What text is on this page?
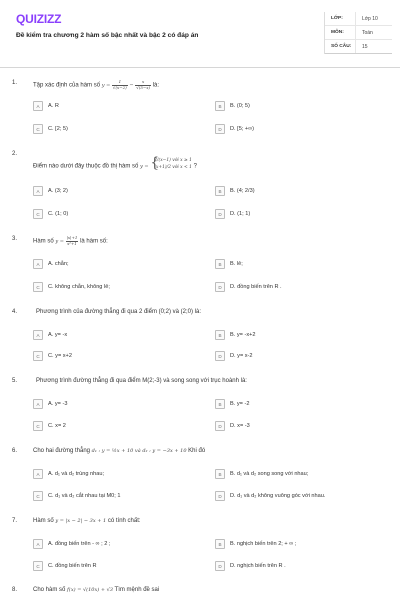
QUIZIZZ
Đề kiểm tra chương 2 hàm số bậc nhất và bậc 2 có đáp án
LỚP:	Lớp 10
MÔN:	Toán
SỐ CÂU:	15
1.	Tập xác định của hàm số $y = \frac{1}{√(x-2)} - \frac{x}{√(5-x)}$ là:
A	A. R	B	B. (0; 5)
C	C. [2; 5)	D	D. [5; +∞)
2.
Điểm nào dưới đây thuộc đồ thị hàm số y = {
2/(x−1) với x ≥ 1
(x+1)/2 với x < 1 ?
A	A. (3; 2)	B	B. (4; 2/3)
C	C. (1; 0)	D	D. (1; 1)
3.	Hàm số $y = \frac{|x|+1}{\text{x²+1}}$ là hàm số:
A	A. chẵn;	B	B. lẻ;
C	C. không chẵn, không lẻ;	D	D. đồng biến trên R .
4.	Phương trình của đường thẳng đi qua 2 điểm (0;2) và (2;0) là:
A	A. y= -x	B	B. y= -x+2
C	C. y= x+2	D	D. y= x-2
5.	Phương trình đường thẳng đi qua điểm M(2;-3) và song song với trục hoành là:
A	A. y= -3	B	B. y= -2
C	C. x= 2	D	D. x= -3
6.	Cho hai đường thẳng d₁ : y = ½x + 10 và d₂ : y = −3x + 10 Khi đó
A	A. d₁ và d₂ trùng nhau;	B	B. d₁ và d₂ song song với nhau;
C	C. d₁ và d₂ cắt nhau tại M0; 1	D	D. d₁ và d₂ không vuông góc với nhau.
7.	Hàm số y = |x − 2| − 3x + 1 có tính chất:
A	A. đồng biến trên - ∞ ; 2 ;	B	B. nghịch biến trên 2; + ∞ ;
C	C. đồng biến trên R	D	D. nghịch biến trên R .
8.	Cho hàm số f(x) = √(10x) + √3 Tìm mệnh đề sai
